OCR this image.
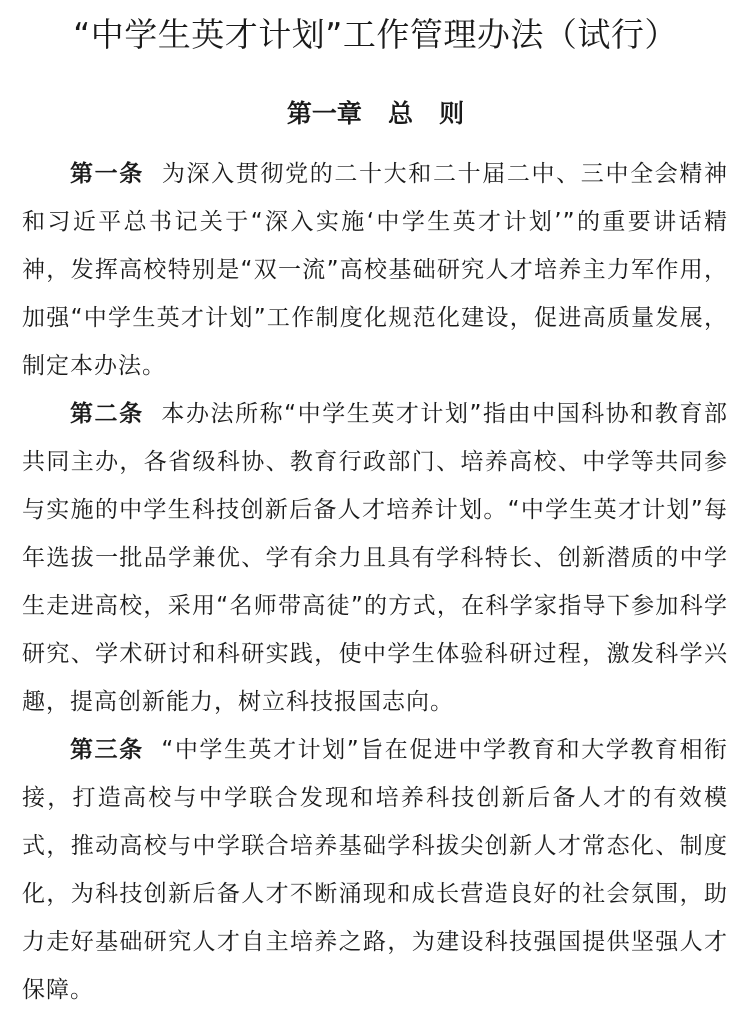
“中学生英才计划”工作管理办法（试行）
第一章   总   则

第一条 为深入贯彻党的二十大和二十届二中、三中全会精神和习近平总书记关于“深入实施‘中学生英才计划’”的重要讲话精神，发挥高校特别是“双一流”高校基础研究人才培养主力军作用，加强“中学生英才计划”工作制度化规范化建设，促进高质量发展，制定本办法。

第二条 本办法所称“中学生英才计划”指由中国科协和教育部共同主办，各省级科协、教育行政部门、培养高校、中学等共同参与实施的中学生科技创新后备人才培养计划。“中学生英才计划”每年选拔一批品学兼优、学有余力且具有学科特长、创新潜质的中学生走进高校，采用“名师带高徒”的方式，在科学家指导下参加科学研究、学术研讨和科研实践，使中学生体验科研过程，激发科学兴趣，提高创新能力，树立科技报国志向。

第三条 “中学生英才计划”旨在促进中学教育和大学教育相衔接，打造高校与中学联合发现和培养科技创新后备人才的有效模式，推动高校与中学联合培养基础学科拔尖创新人才常态化、制度化，为科技创新后备人才不断涌现和成长营造良好的社会氛围，助力走好基础研究人才自主培养之路，为建设科技强国提供坚强人才保障。
